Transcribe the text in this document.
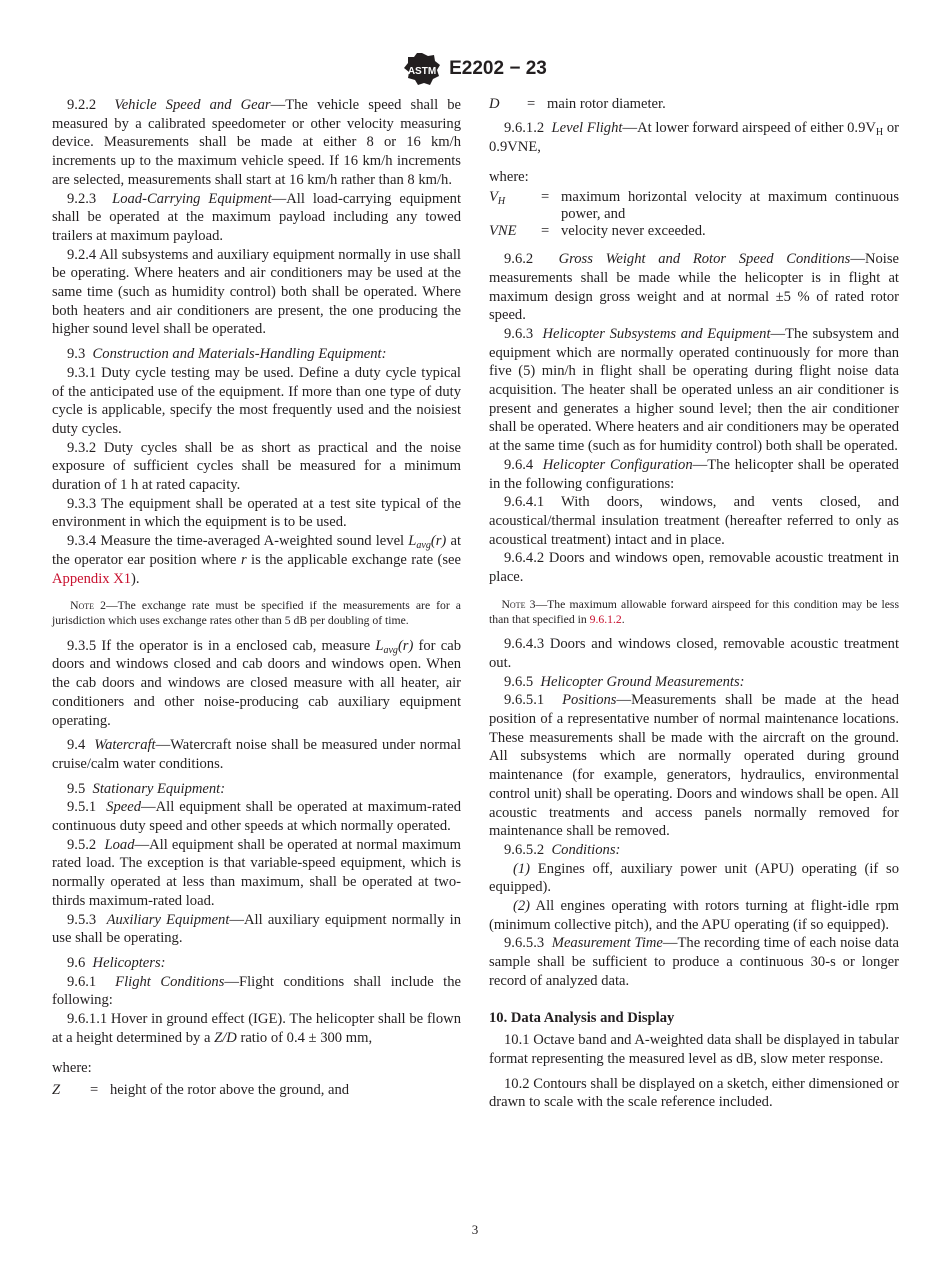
ASTM E2202 − 23

9.2.2 Vehicle Speed and Gear—The vehicle speed shall be measured by a calibrated speedometer or other velocity measuring device. Measurements shall be made at either 8 or 16 km/h increments up to the maximum vehicle speed. If 16 km/h increments are selected, measurements shall start at 16 km/h rather than 8 km/h.

9.2.3 Load-Carrying Equipment—All load-carrying equipment shall be operated at the maximum payload including any towed trailers at maximum payload.

9.2.4 All subsystems and auxiliary equipment normally in use shall be operating. Where heaters and air conditioners may be used at the same time (such as humidity control) both shall be operated. Where both heaters and air conditioners are present, the one producing the higher sound level shall be operated.

9.3 Construction and Materials-Handling Equipment:

9.3.1 Duty cycle testing may be used. Define a duty cycle typical of the anticipated use of the equipment. If more than one type of duty cycle is applicable, specify the most frequently used and the noisiest duty cycles.

9.3.2 Duty cycles shall be as short as practical and the noise exposure of sufficient cycles shall be measured for a minimum duration of 1 h at rated capacity.

9.3.3 The equipment shall be operated at a test site typical of the environment in which the equipment is to be used.

9.3.4 Measure the time-averaged A-weighted sound level $L_{avg}(r)$ at the operator ear position where r is the applicable exchange rate (see Appendix X1).

Note 2—The exchange rate must be specified if the measurements are for a jurisdiction which uses exchange rates other than 5 dB per doubling of time.

9.3.5 If the operator is in a enclosed cab, measure $L_{avg}(r)$ for cab doors and windows closed and cab doors and windows open. When the cab doors and windows are closed measure with all heater, air conditioners and other noise-producing cab auxiliary equipment operating.

9.4 Watercraft—Watercraft noise shall be measured under normal cruise/calm water conditions.

9.5 Stationary Equipment:

9.5.1 Speed—All equipment shall be operated at maximum-rated continuous duty speed and other speeds at which normally operated.

9.5.2 Load—All equipment shall be operated at normal maximum rated load. The exception is that variable-speed equipment, which is normally operated at less than maximum, shall be operated at two-thirds maximum-rated load.

9.5.3 Auxiliary Equipment—All auxiliary equipment normally in use shall be operating.

9.6 Helicopters:

9.6.1 Flight Conditions—Flight conditions shall include the following:

9.6.1.1 Hover in ground effect (IGE). The helicopter shall be flown at a height determined by a Z/D ratio of 0.4 ± 300 mm,

where:

Z	=	height of the rotor above the ground, and
D	=	main rotor diameter.

9.6.1.2 Level Flight—At lower forward airspeed of either $0.9V_H$ or 0.9VNE,

where:

$V_H$	=	maximum horizontal velocity at maximum continuous power, and
VNE	=	velocity never exceeded.

9.6.2 Gross Weight and Rotor Speed Conditions—Noise measurements shall be made while the helicopter is in flight at maximum design gross weight and at normal ±5 % of rated rotor speed.

9.6.3 Helicopter Subsystems and Equipment—The subsystem and equipment which are normally operated continuously for more than five (5) min/h in flight shall be operating during flight noise data acquisition. The heater shall be operated unless an air conditioner is present and generates a higher sound level; then the air conditioner shall be operated. Where heaters and air conditioners may be operated at the same time (such as for humidity control) both shall be operated.

9.6.4 Helicopter Configuration—The helicopter shall be operated in the following configurations:

9.6.4.1 With doors, windows, and vents closed, and acoustical/thermal insulation treatment (hereafter referred to only as acoustical treatment) intact and in place.

9.6.4.2 Doors and windows open, removable acoustic treatment in place.

Note 3—The maximum allowable forward airspeed for this condition may be less than that specified in 9.6.1.2.

9.6.4.3 Doors and windows closed, removable acoustic treatment out.

9.6.5 Helicopter Ground Measurements:

9.6.5.1 Positions—Measurements shall be made at the head position of a representative number of normal maintenance locations. These measurements shall be made with the aircraft on the ground. All subsystems which are normally operated during ground maintenance (for example, generators, hydraulics, environmental control unit) shall be operating. Doors and windows shall be open. All acoustic treatments and access panels normally removed for maintenance shall be removed.

9.6.5.2 Conditions:

(1) Engines off, auxiliary power unit (APU) operating (if so equipped).

(2) All engines operating with rotors turning at flight-idle rpm (minimum collective pitch), and the APU operating (if so equipped).

9.6.5.3 Measurement Time—The recording time of each noise data sample shall be sufficient to produce a continuous 30-s or longer record of analyzed data.

10. Data Analysis and Display

10.1 Octave band and A-weighted data shall be displayed in tabular format representing the measured level as dB, slow meter response.

10.2 Contours shall be displayed on a sketch, either dimensioned or drawn to scale with the scale reference included.

3
